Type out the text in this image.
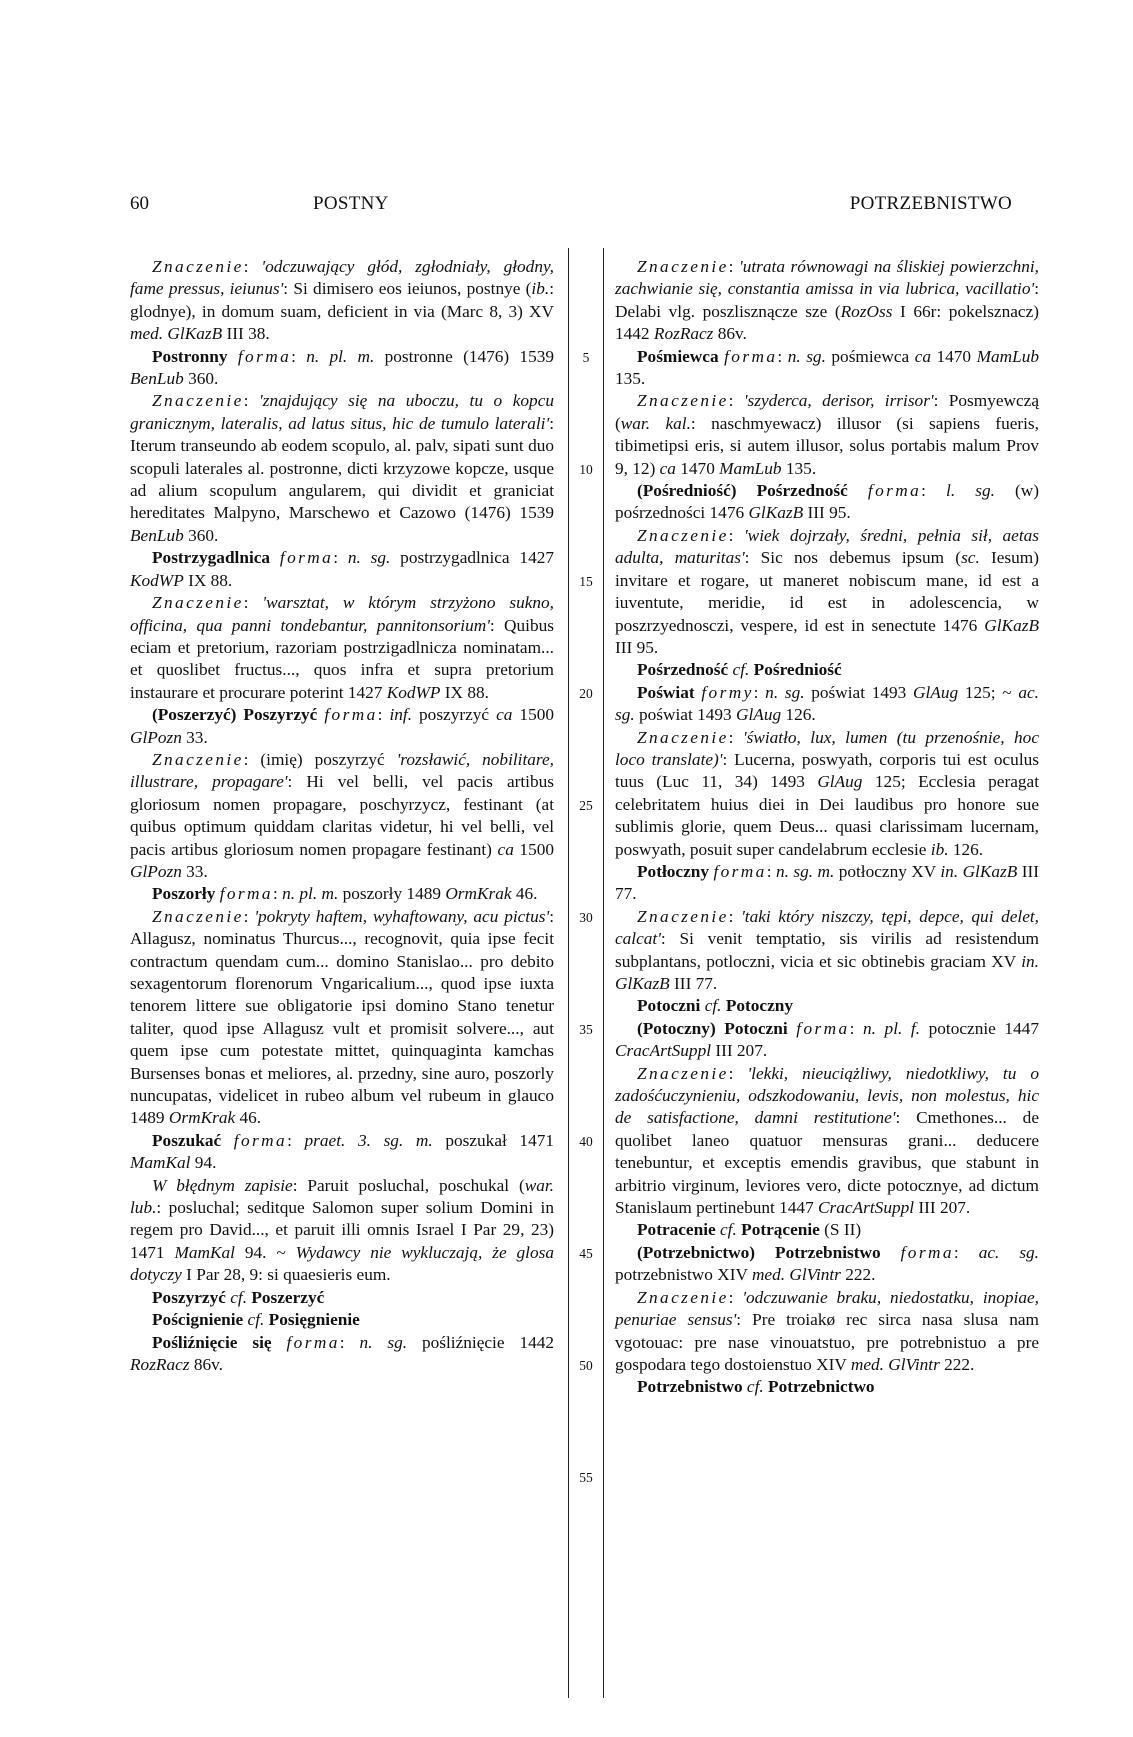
60	POSTNY	POTRZEBNISTWO
5
10
15
20
25
30
35
40
45
50
55

Znaczenie: 'odczuwający głód, zgłodniały, głodny, fame pressus, ieiunus': Si dimisero eos ieiunos, postnye (ib.: glodnye), in domum suam, deficient in via (Marc 8, 3) XV med. GlKazB III 38.

Postronny forma: n. pl. m. postronne (1476) 1539 BenLub 360.

Znaczenie: 'znajdujący się na uboczu, tu o kopcu granicznym, lateralis, ad latus situs, hic de tumulo laterali': Iterum transeundo ab eodem scopulo, al. palv, sipati sunt duo scopuli laterales al. postronne, dicti krzyzowe kopcze, usque ad alium scopulum angularem, qui dividit et graniciat hereditates Malpyno, Marschewo et Cazowo (1476) 1539 BenLub 360.

Postrzygadlnica forma: n. sg. postrzygadlnica 1427 KodWP IX 88.

Znaczenie: 'warsztat, w którym strzyżono sukno, officina, qua panni tondebantur, pannitonsorium': Quibus eciam et pretorium, razoriam postrzigadlnicza nominatam... et quoslibet fructus..., quos infra et supra pretorium instaurare et procurare poterint 1427 KodWP IX 88.

(Poszerzyć) Poszyrzyć forma: inf. poszyrzyć ca 1500 GlPozn 33.

Znaczenie: (imię) poszyrzyć 'rozsławić, nobilitare, illustrare, propagare': Hi vel belli, vel pacis artibus gloriosum nomen propagare, poschyrzycz, festinant (at quibus optimum quiddam claritas videtur, hi vel belli, vel pacis artibus gloriosum nomen propagare festinant) ca 1500 GlPozn 33.

Poszorły forma: n. pl. m. poszorły 1489 OrmKrak 46.

Znaczenie: 'pokryty haftem, wyhaftowany, acu pictus': Allagusz, nominatus Thurcus..., recognovit, quia ipse fecit contractum quendam cum... domino Stanislao... pro debito sexagentorum florenorum Vngaricalium..., quod ipse iuxta tenorem littere sue obligatorie ipsi domino Stano tenetur taliter, quod ipse Allagusz vult et promisit solvere..., aut quem ipse cum potestate mittet, quinquaginta kamchas Bursenses bonas et meliores, al. przedny, sine auro, poszorly nuncupatas, videlicet in rubeo album vel rubeum in glauco 1489 OrmKrak 46.

Poszukać forma: praet. 3. sg. m. poszukał 1471 MamKal 94.

W błędnym zapisie: Paruit posluchal, poschukal (war. lub.: posluchal; seditque Salomon super solium Domini in regem pro David..., et paruit illi omnis Israel I Par 29, 23) 1471 MamKal 94. ~ Wydawcy nie wykluczają, że glosa dotyczy I Par 28, 9: si quaesieris eum.

Poszyrzyć cf. Poszerzyć

Poścignienie cf. Posięgnienie

Pośliźnięcie się forma: n. sg. pośliźnięcie 1442 RozRacz 86v.

Znaczenie: 'utrata równowagi na śliskiej powierzchni, zachwianie się, constantia amissa in via lubrica, vacillatio': Delabi vlg. poszlisznącze sze (RozOss I 66r: pokelsznacz) 1442 RozRacz 86v.

Pośmiewca forma: n. sg. pośmiewca ca 1470 MamLub 135.

Znaczenie: 'szyderca, derisor, irrisor': Posmyewczą (war. kal.: naschmyewacz) illusor (si sapiens fueris, tibimetipsi eris, si autem illusor, solus portabis malum Prov 9, 12) ca 1470 MamLub 135.

(Pośredniość) Pośrzedność forma: l. sg. (w) pośrzedności 1476 GlKazB III 95.

Znaczenie: 'wiek dojrzały, średni, pełnia sił, aetas adulta, maturitas': Sic nos debemus ipsum (sc. Iesum) invitare et rogare, ut maneret nobiscum mane, id est a iuventute, meridie, id est in adolescencia, w poszrzyednosczi, vespere, id est in senectute 1476 GlKazB III 95.

Pośrzedność cf. Pośredniość

Poświat formy: n. sg. poświat 1493 GlAug 125; ~ ac. sg. poświat 1493 GlAug 126.

Znaczenie: 'światło, lux, lumen (tu przenośnie, hoc loco translate)': Lucerna, poswyath, corporis tui est oculus tuus (Luc 11, 34) 1493 GlAug 125; Ecclesia peragat celebritatem huius diei in Dei laudibus pro honore sue sublimis glorie, quem Deus... quasi clarissimam lucernam, poswyath, posuit super candelabrum ecclesie ib. 126.

Potłoczny forma: n. sg. m. potłoczny XV in. GlKazB III 77.

Znaczenie: 'taki który niszczy, tępi, depce, qui delet, calcat': Si venit temptatio, sis virilis ad resistendum subplantans, potloczni, vicia et sic obtinebis graciam XV in. GlKazB III 77.

Potoczni cf. Potoczny

(Potoczny) Potoczni forma: n. pl. f. potocznie 1447 CracArtSuppl III 207.

Znaczenie: 'lekki, nieuciążliwy, niedotkliwy, tu o zadośćuczynieniu, odszkodowaniu, levis, non molestus, hic de satisfactione, damni restitutione': Cmethones... de quolibet laneo quatuor mensuras grani... deducere tenebuntur, et exceptis emendis gravibus, que stabunt in arbitrio virginum, leviores vero, dicte potocznye, ad dictum Stanislaum pertinebunt 1447 CracArtSuppl III 207.

Potracenie cf. Potrącenie (S II)

(Potrzebnictwo) Potrzebnistwo forma: ac. sg. potrzebnistwo XIV med. GlVintr 222.

Znaczenie: 'odczuwanie braku, niedostatku, inopiae, penuriae sensus': Pre troiakø rec sirca nasa slusa nam vgotouac: pre nase vinouatstuo, pre potrebnistuo a pre gospodara tego dostoienstuo XIV med. GlVintr 222.

Potrzebnistwo cf. Potrzebnictwo
